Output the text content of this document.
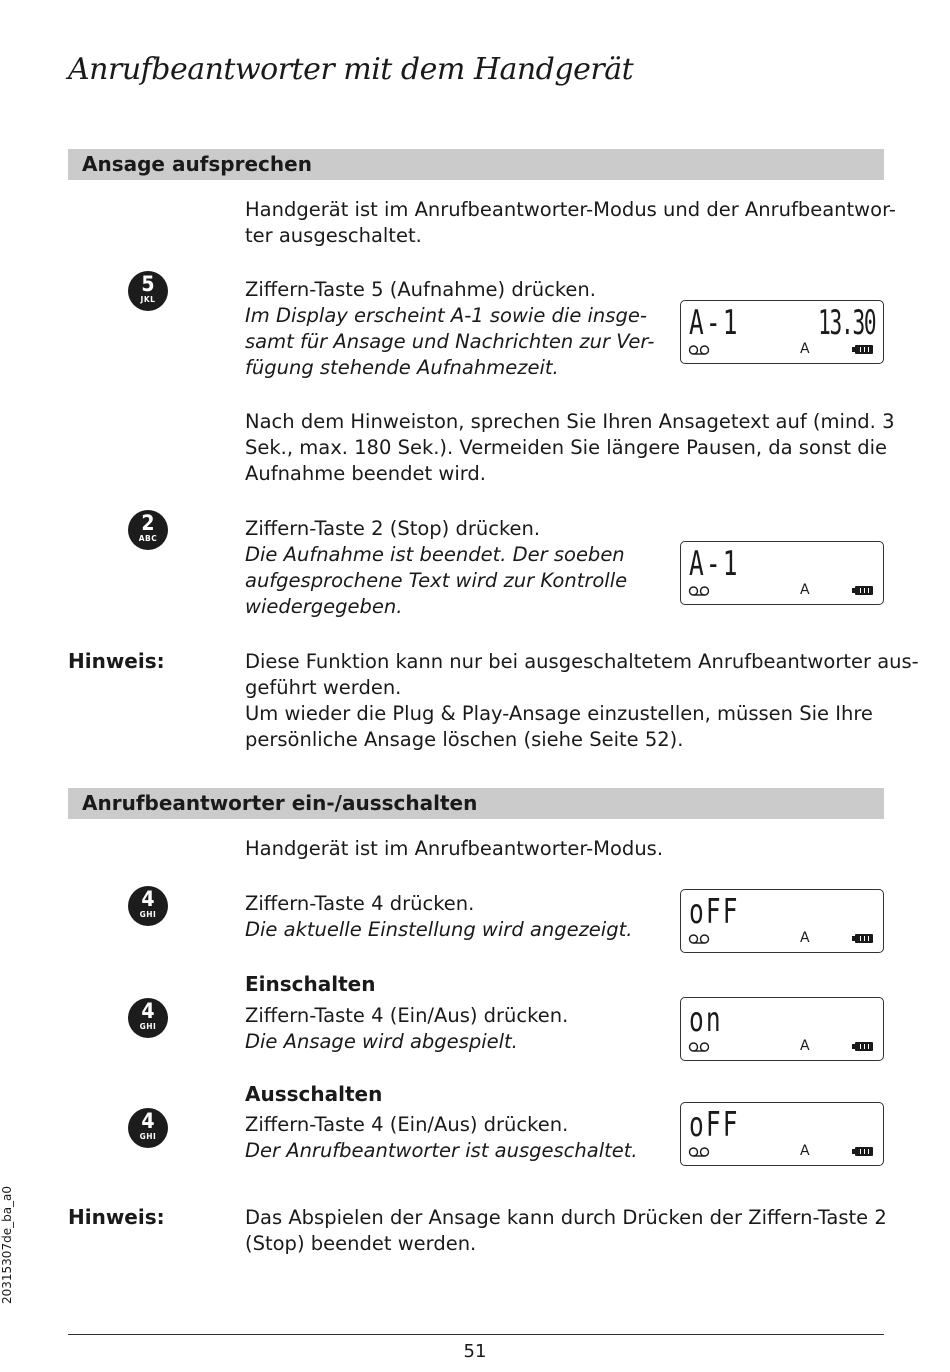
Anrufbeantworter mit dem Handgerät
Ansage aufsprechen
Handgerät ist im Anrufbeantworter-Modus und der Anrufbeantwor-
ter ausgeschaltet.
5
JKL	Ziffern-Taste 5 (Aufnahme) drücken.
Im Display erscheint A-1 sowie die insge-
samt für Ansage und Nachrichten zur Ver-
fügung stehende Aufnahmezeit.
A-1 13.30
A
Nach dem Hinweiston, sprechen Sie Ihren Ansagetext auf (mind. 3
Sek., max. 180 Sek.). Vermeiden Sie längere Pausen, da sonst die
Aufnahme beendet wird.
2
ABC	Ziffern-Taste 2 (Stop) drücken.
Die Aufnahme ist beendet. Der soeben
aufgesprochene Text wird zur Kontrolle
wiedergegeben.
A-1
A
Hinweis:	Diese Funktion kann nur bei ausgeschaltetem Anrufbeantworter aus-
geführt werden.
Um wieder die Plug & Play-Ansage einzustellen, müssen Sie Ihre
persönliche Ansage löschen (siehe Seite 52).
Anrufbeantworter ein-/ausschalten
Handgerät ist im Anrufbeantworter-Modus.
4
GHI	Ziffern-Taste 4 drücken.
Die aktuelle Einstellung wird angezeigt. oFF
A
Einschalten
4
GHI	Ziffern-Taste 4 (Ein/Aus) drücken.
Die Ansage wird abgespielt.
on
A
Ausschalten
4
GHI
Ziffern-Taste 4 (Ein/Aus) drücken.
Der Anrufbeantworter ist ausgeschaltet.
oFF
A
Hinweis:	Das Abspielen der Ansage kann durch Drücken der Ziffern-Taste 2
(Stop) beendet werden.
20315307de_ba_a0
51
